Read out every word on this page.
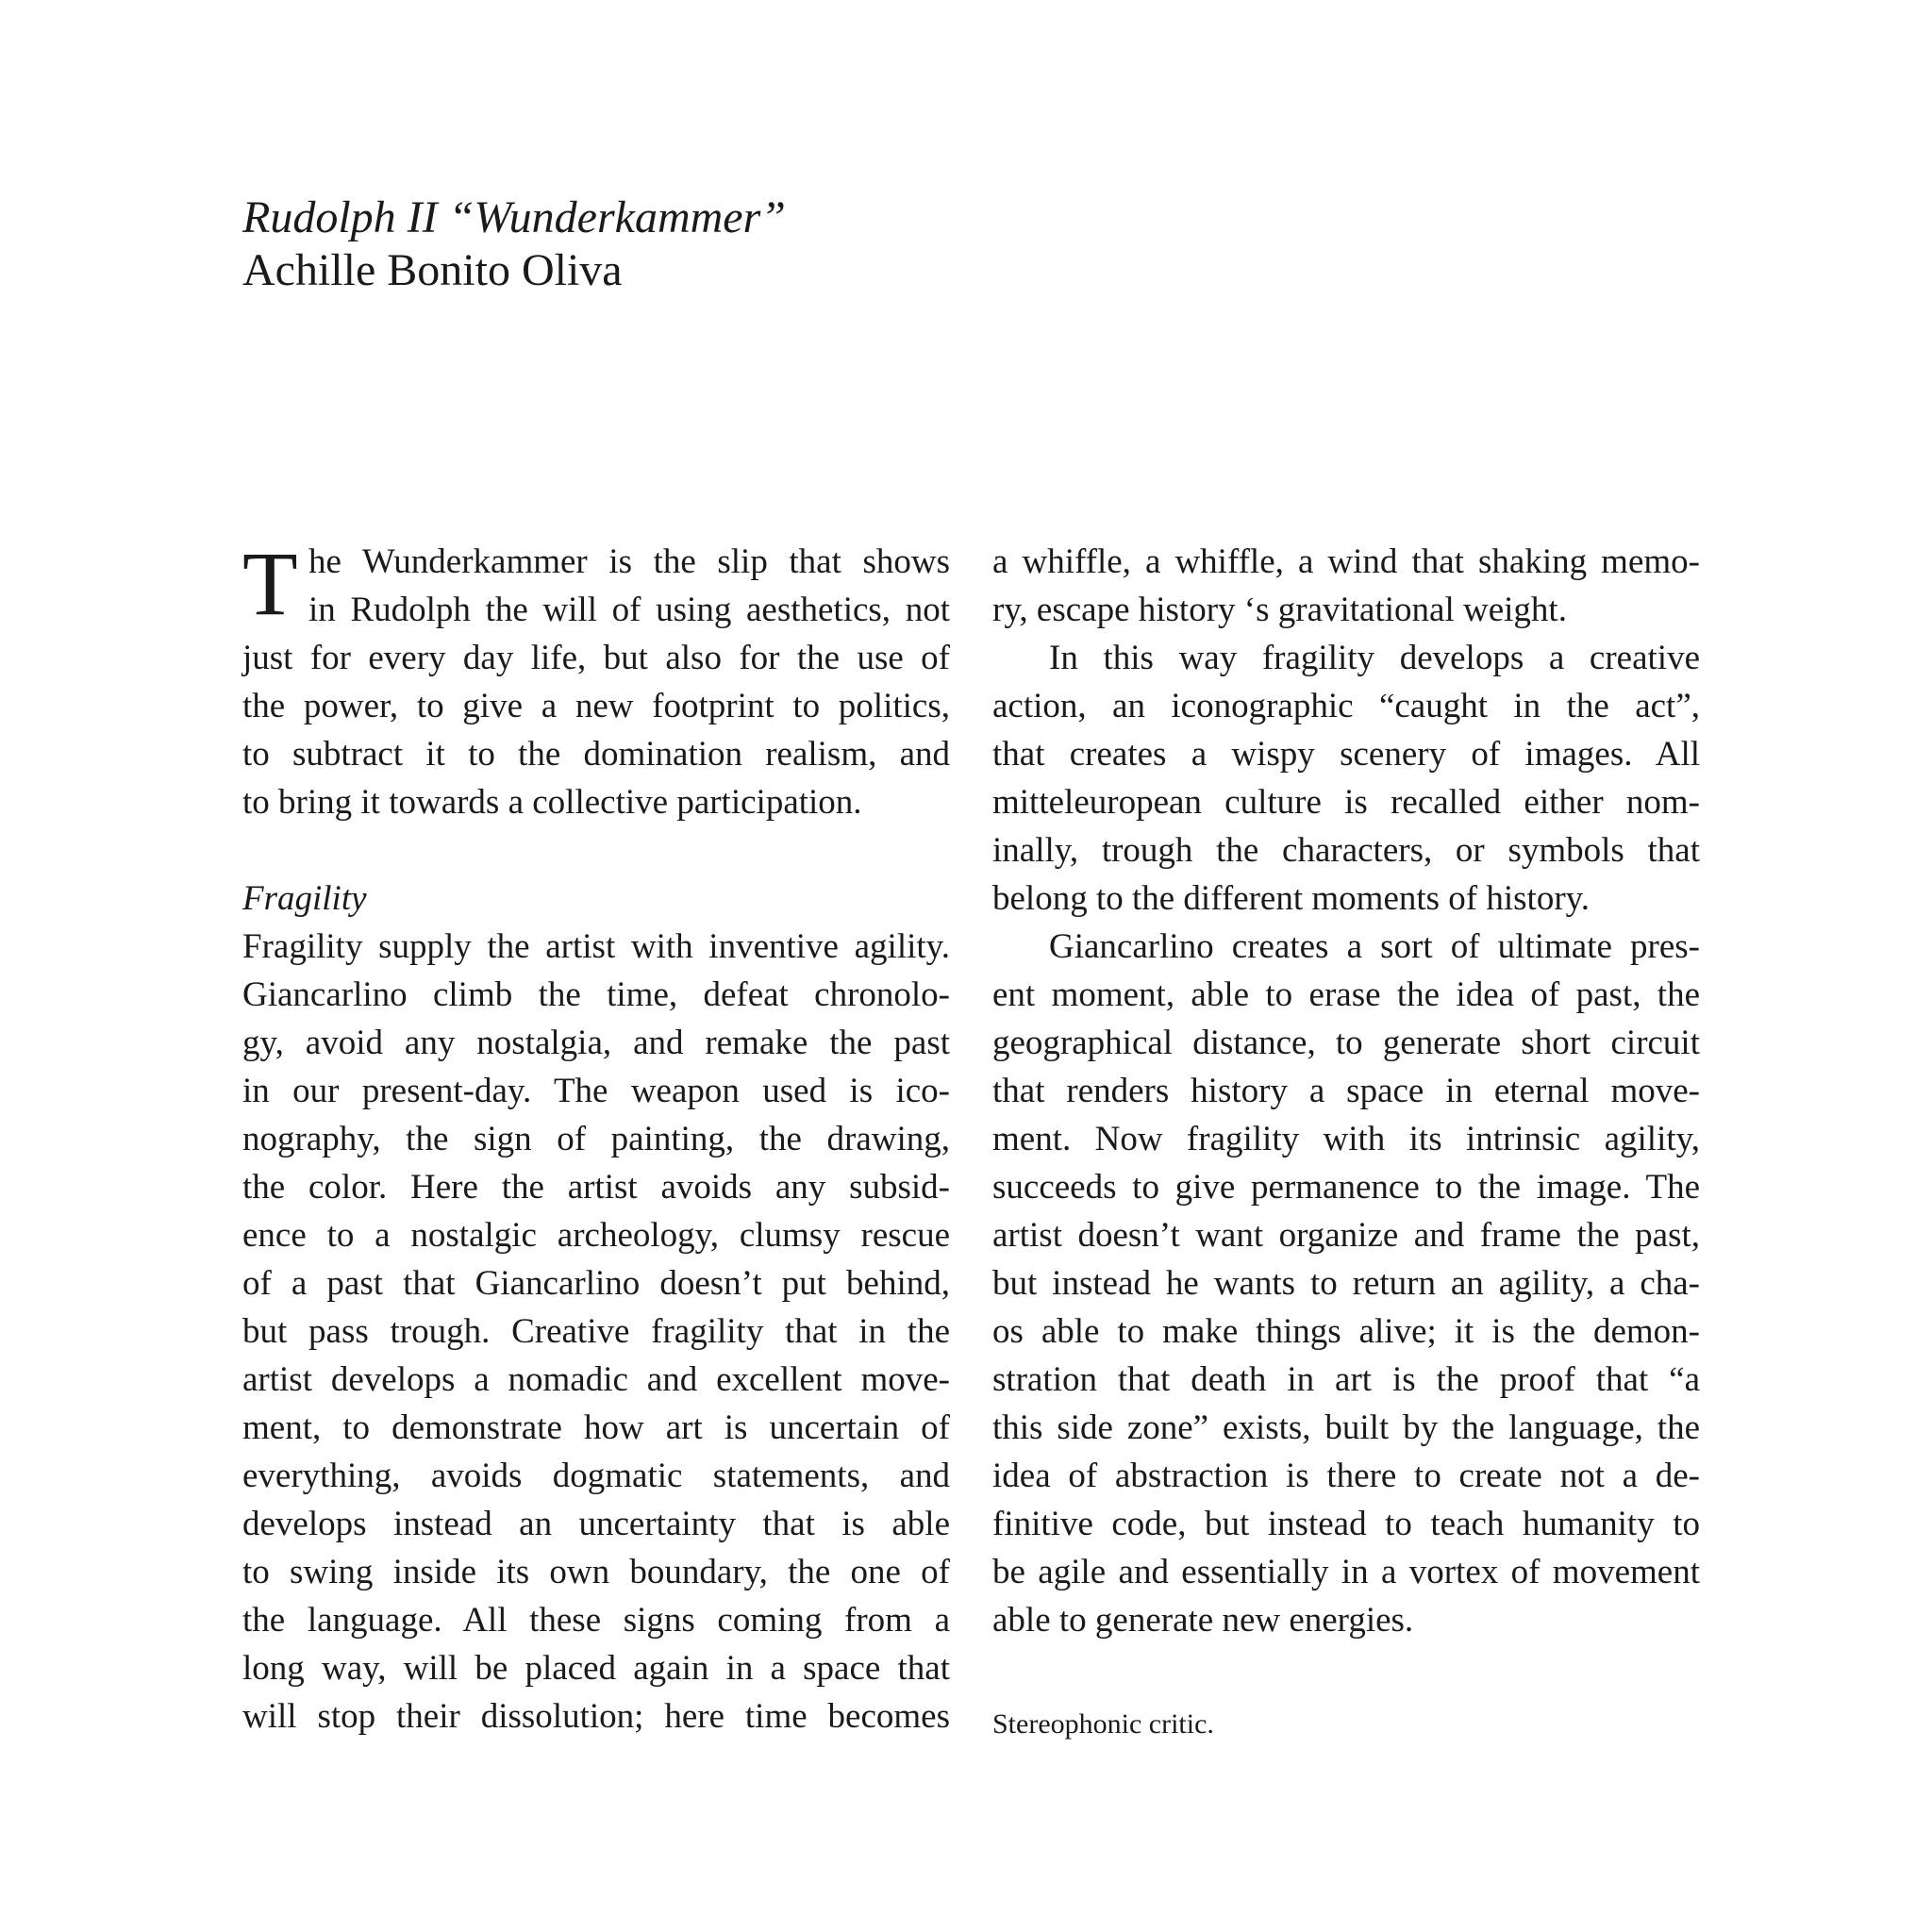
Rudolph II “Wunderkammer”
Achille Bonito Oliva
T he Wunderkammer is the slip that shows
in Rudolph the will of using aesthetics, not
just for every day life, but also for the use of
the power, to give a new footprint to politics,
to subtract it to the domination realism, and
to bring it towards a collective participation.
Fragility
Fragility supply the artist with inventive agility.
Giancarlino climb the time, defeat chronolo-
gy, avoid any nostalgia, and remake the past
in our present-day. The weapon used is ico-
nography, the sign of painting, the drawing,
the color. Here the artist avoids any subsid-
ence to a nostalgic archeology, clumsy rescue
of a past that Giancarlino doesn’t put behind,
but pass trough. Creative fragility that in the
artist develops a nomadic and excellent move-
ment, to demonstrate how art is uncertain of
everything, avoids dogmatic statements, and
develops instead an uncertainty that is able
to swing inside its own boundary, the one of
the language. All these signs coming from a
long way, will be placed again in a space that
will stop their dissolution; here time becomes
a whiffle, a whiffle, a wind that shaking memo-
ry, escape history ‘s gravitational weight.
In this way fragility develops a creative
action, an iconographic “caught in the act”,
that creates a wispy scenery of images. All
mitteleuropean culture is recalled either nom-
inally, trough the characters, or symbols that
belong to the different moments of history.
Giancarlino creates a sort of ultimate pres-
ent moment, able to erase the idea of past, the
geographical distance, to generate short circuit
that renders history a space in eternal move-
ment. Now fragility with its intrinsic agility,
succeeds to give permanence to the image. The
artist doesn’t want organize and frame the past,
but instead he wants to return an agility, a cha-
os able to make things alive; it is the demon-
stration that death in art is the proof that “a
this side zone” exists, built by the language, the
idea of abstraction is there to create not a de-
finitive code, but instead to teach humanity to
be agile and essentially in a vortex of movement
able to generate new energies.
Stereophonic critic.
